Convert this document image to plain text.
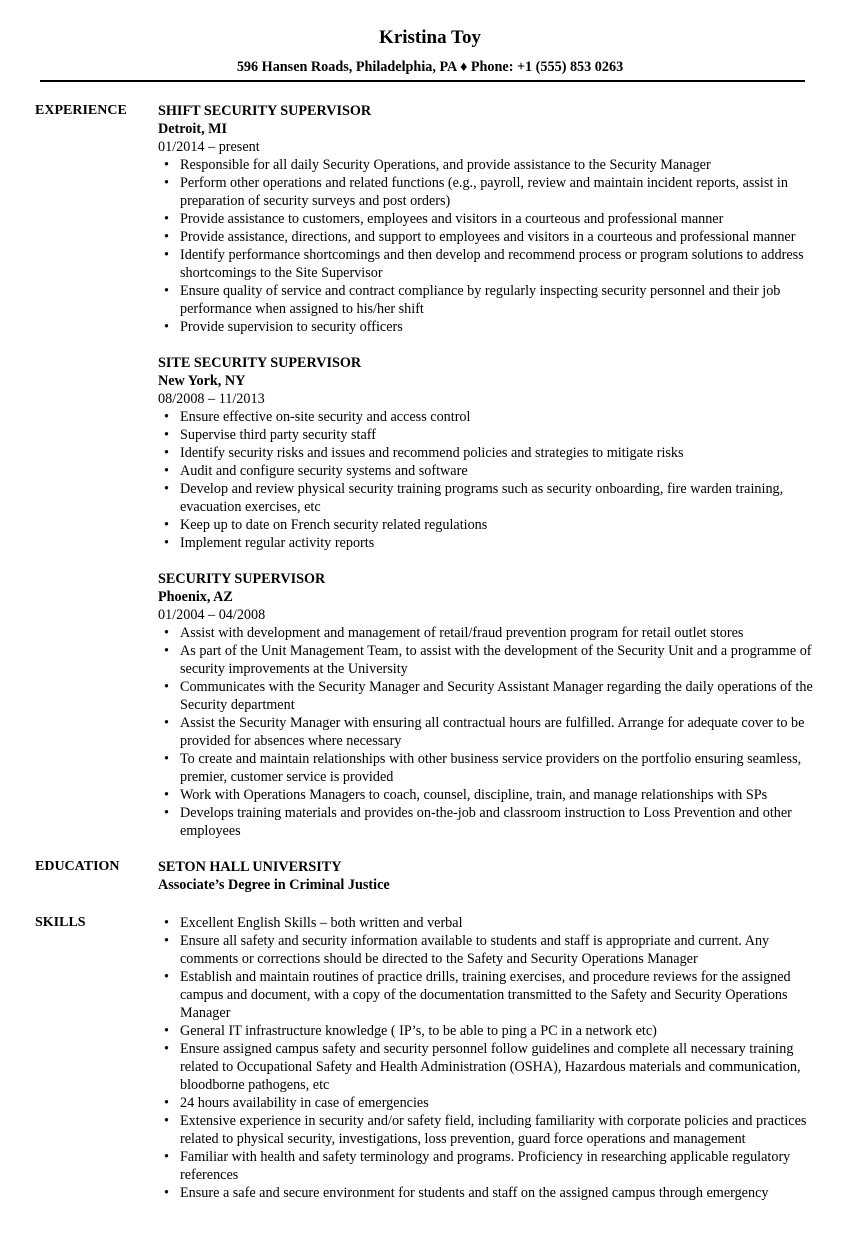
Kristina Toy
596 Hansen Roads, Philadelphia, PA ♦ Phone: +1 (555) 853 0263
EXPERIENCE	SHIFT SECURITY SUPERVISOR
Detroit, MI
01/2014 – present
• Responsible for all daily Security Operations, and provide assistance to the Security Manager
• Perform other operations and related functions (e.g., payroll, review and maintain incident reports, assist in preparation of security surveys and post orders)
• Provide assistance to customers, employees and visitors in a courteous and professional manner
• Provide assistance, directions, and support to employees and visitors in a courteous and professional manner
• Identify performance shortcomings and then develop and recommend process or program solutions to address shortcomings to the Site Supervisor
• Ensure quality of service and contract compliance by regularly inspecting security personnel and their job performance when assigned to his/her shift
• Provide supervision to security officers
SITE SECURITY SUPERVISOR
New York, NY
08/2008 – 11/2013
• Ensure effective on-site security and access control
• Supervise third party security staff
• Identify security risks and issues and recommend policies and strategies to mitigate risks
• Audit and configure security systems and software
• Develop and review physical security training programs such as security onboarding, fire warden training, evacuation exercises, etc
• Keep up to date on French security related regulations
• Implement regular activity reports
SECURITY SUPERVISOR
Phoenix, AZ
01/2004 – 04/2008
• Assist with development and management of retail/fraud prevention program for retail outlet stores
• As part of the Unit Management Team, to assist with the development of the Security Unit and a programme of security improvements at the University
• Communicates with the Security Manager and Security Assistant Manager regarding the daily operations of the Security department
• Assist the Security Manager with ensuring all contractual hours are fulfilled. Arrange for adequate cover to be provided for absences where necessary
• To create and maintain relationships with other business service providers on the portfolio ensuring seamless, premier, customer service is provided
• Work with Operations Managers to coach, counsel, discipline, train, and manage relationships with SPs
• Develops training materials and provides on-the-job and classroom instruction to Loss Prevention and other employees
EDUCATION	SETON HALL UNIVERSITY
Associate’s Degree in Criminal Justice
SKILLS
•	Excellent English Skills – both written and verbal
• Ensure all safety and security information available to students and staff is appropriate and current. Any comments or corrections should be directed to the Safety and Security Operations Manager
• Establish and maintain routines of practice drills, training exercises, and procedure reviews for the assigned campus and document, with a copy of the documentation transmitted to the Safety and Security Operations Manager
• General IT infrastructure knowledge ( IP’s, to be able to ping a PC in a network etc)
• Ensure assigned campus safety and security personnel follow guidelines and complete all necessary training related to Occupational Safety and Health Administration (OSHA), Hazardous materials and communication, bloodborne pathogens, etc
• 24 hours availability in case of emergencies
• Extensive experience in security and/or safety field, including familiarity with corporate policies and practices related to physical security, investigations, loss prevention, guard force operations and management
• Familiar with health and safety terminology and programs. Proficiency in researching applicable regulatory references
• Ensure a safe and secure environment for students and staff on the assigned campus through emergency
